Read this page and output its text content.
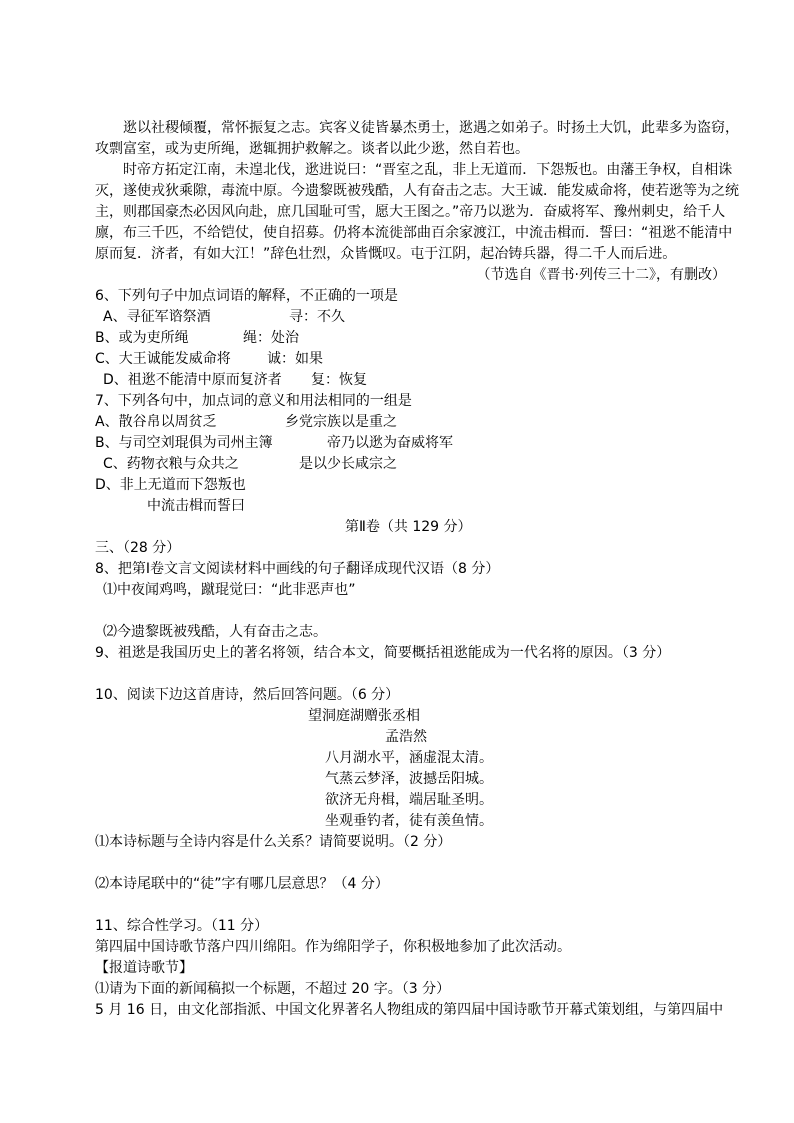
逖以社稷倾覆，常怀振复之志。宾客义徒皆暴杰勇士，逖遇之如弟子。时扬土大饥，此辈多为盗窃，
攻剽富室，或为吏所绳，逖辄拥护救解之。谈者以此少逖，然自若也。
时帝方拓定江南，未遑北伐，逖进说曰：“晋室之乱，非上无道而．下怨叛也。由藩王争权，自相诛
灭，遂使戎狄乘隙，毒流中原。今遗黎既被残酷，人有奋击之志。大王诚．能发威命将，使若逖等为之统
主，则郡国豪杰必因风向赴，庶几国耻可雪，愿大王图之。”帝乃以逖为．奋威将军、豫州刺史，给千人
廪，布三千匹，不给铠仗，使自招募。仍将本流徙部曲百余家渡江，中流击楫而．誓曰：“祖逖不能清中
原而复．济者，有如大江！”辞色壮烈，众皆慨叹。屯于江阴，起冶铸兵器，得二千人而后进。
（节选自《晋书·列传三十二》，有删改）
6、下列句子中加点词语的解释，不正确的一项是
A、寻征军谘祭酒	寻：不久
B、或为吏所绳	绳：处治
C、大王诚能发威命将	诚：如果
D、祖逖不能清中原而复济者 复：恢复
7、下列各句中，加点词的意义和用法相同的一组是
A、散谷帛以周贫乏	乡党宗族以是重之
B、与司空刘琨俱为司州主簿	帝乃以逖为奋威将军
C、药物衣粮与众共之	是以少长咸宗之
D、非上无道而下怨叛也
中流击楫而誓曰
第Ⅱ卷（共 129 分）
三、（28 分）
8、把第Ⅰ卷文言文阅读材料中画线的句子翻译成现代汉语（8 分）
⑴中夜闻鸡鸣，蹴琨觉曰：“此非恶声也”
⑵今遗黎既被残酷，人有奋击之志。
9、祖逖是我国历史上的著名将领，结合本文，简要概括祖逖能成为一代名将的原因。（3 分）
10、阅读下边这首唐诗，然后回答问题。（6 分）
望洞庭湖赠张丞相
孟浩然
八月湖水平，涵虚混太清。
气蒸云梦泽，波撼岳阳城。
欲济无舟楫，端居耻圣明。
坐观垂钓者，徒有羡鱼情。
⑴本诗标题与全诗内容是什么关系？请简要说明。（2 分）
⑵本诗尾联中的“徒”字有哪几层意思？（4 分）
11、综合性学习。（11 分）
第四届中国诗歌节落户四川绵阳。作为绵阳学子，你积极地参加了此次活动。
【报道诗歌节】
⑴请为下面的新闻稿拟一个标题，不超过 20 字。（3 分）
5 月 16 日，由文化部指派、中国文化界著名人物组成的第四届中国诗歌节开幕式策划组，与第四届中
